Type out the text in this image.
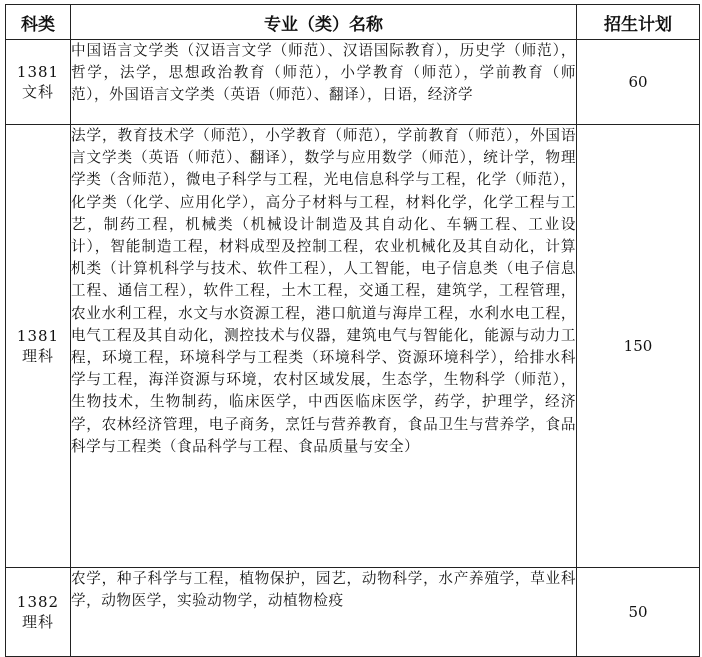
科类	专业（类）名称	招生计划

1381
文科	中国语言文学类（汉语言文学（师范）、汉语国际教育），历史学（师范），哲学，法学，思想政治教育（师范），小学教育（师范），学前教育（师范），外国语言文学类（英语（师范）、翻译），日语，经济学	60

1381
理科	法学，教育技术学（师范），小学教育（师范），学前教育（师范），外国语言文学类（英语（师范）、翻译），数学与应用数学（师范），统计学，物理学类（含师范），微电子科学与工程，光电信息科学与工程，化学（师范），化学类（化学、应用化学），高分子材料与工程，材料化学，化学工程与工艺，制药工程，机械类（机械设计制造及其自动化、车辆工程、工业设计），智能制造工程，材料成型及控制工程，农业机械化及其自动化，计算机类（计算机科学与技术、软件工程），人工智能，电子信息类（电子信息工程、通信工程），软件工程，土木工程，交通工程，建筑学，工程管理，农业水利工程，水文与水资源工程，港口航道与海岸工程，水利水电工程，电气工程及其自动化，测控技术与仪器，建筑电气与智能化，能源与动力工程，环境工程，环境科学与工程类（环境科学、资源环境科学），给排水科学与工程，海洋资源与环境，农村区域发展，生态学，生物科学（师范），生物技术，生物制药，临床医学，中西医临床医学，药学，护理学，经济学，农林经济管理，电子商务，烹饪与营养教育，食品卫生与营养学，食品科学与工程类（食品科学与工程、食品质量与安全）	150

1382
理科	农学，种子科学与工程，植物保护，园艺，动物科学，水产养殖学，草业科学，动物医学，实验动物学，动植物检疫	50
